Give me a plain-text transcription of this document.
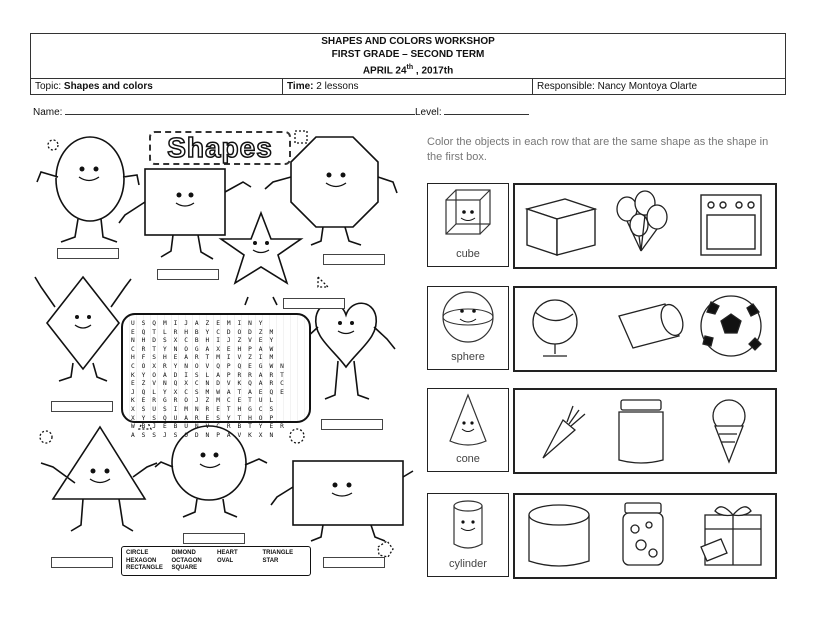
SHAPES AND COLORS WORKSHOP
FIRST GRADE – SECOND TERM
APRIL 24th , 2017th
Topic: Shapes and colors	Time: 2 lessons	Responsible: Nancy Montoya Olarte
Name:	Level:
Shapes
U S Q M I J A Z E M I N Y
E Q T L R H B Y C D O D Z M
N H D S X C B H I J Z V E Y
C R T Y N O G A X E H P A W
H F S H E A R T M I V Z I M
C O X R Y N O V Q P Q E G W N
K Y O A D I S L A P R R A R T
E Z V N Q X C N D V K Q A R C
J Q L Y X C S M W A T A E Q E
K E R G R O J Z M C E T U L
X S U S I M N R E T H G C S
X Y S Q U A R E S Y T H O P
W B J E B U N V C R B T Y E R
A S S J S O D N P A V K X N
CIRCLE	DIMOND	HEART	TRIANGLE
HEXAGON	OCTAGON	OVAL	STAR
RECTANGLE	SQUARE
Color the objects in each row that are the same shape as the shape in the first box.
cube
sphere
cone
cylinder
